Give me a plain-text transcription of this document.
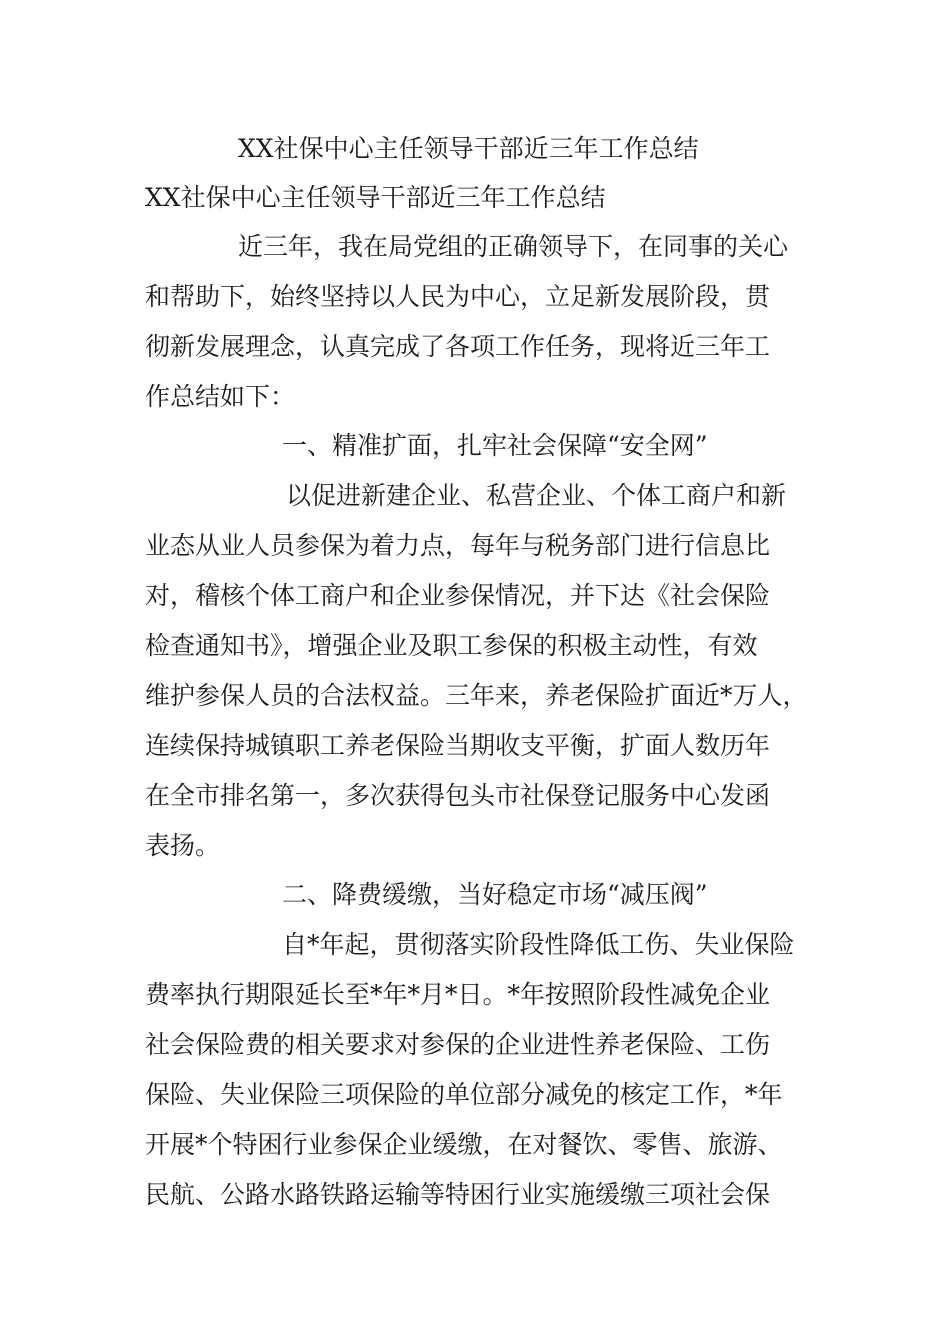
XX社保中心主任领导干部近三年工作总结
XX社保中心主任领导干部近三年工作总结
近三年，我在局党组的正确领导下，在同事的关心
和帮助下，始终坚持以人民为中心，立足新发展阶段，贯
彻新发展理念，认真完成了各项工作任务，现将近三年工
作总结如下：
一、精准扩面，扎牢社会保障“安全网”
以促进新建企业、私营企业、个体工商户和新
业态从业人员参保为着力点，每年与税务部门进行信息比
对，稽核个体工商户和企业参保情况，并下达《社会保险
检查通知书》，增强企业及职工参保的积极主动性，有效
维护参保人员的合法权益。三年来，养老保险扩面近*万人，
连续保持城镇职工养老保险当期收支平衡，扩面人数历年
在全市排名第一，多次获得包头市社保登记服务中心发函
表扬。
二、降费缓缴，当好稳定市场“减压阀”
自*年起，贯彻落实阶段性降低工伤、失业保险
费率执行期限延长至*年*月*日。*年按照阶段性减免企业
社会保险费的相关要求对参保的企业进性养老保险、工伤
保险、失业保险三项保险的单位部分减免的核定工作，*年
开展*个特困行业参保企业缓缴，在对餐饮、零售、旅游、
民航、公路水路铁路运输等特困行业实施缓缴三项社会保
